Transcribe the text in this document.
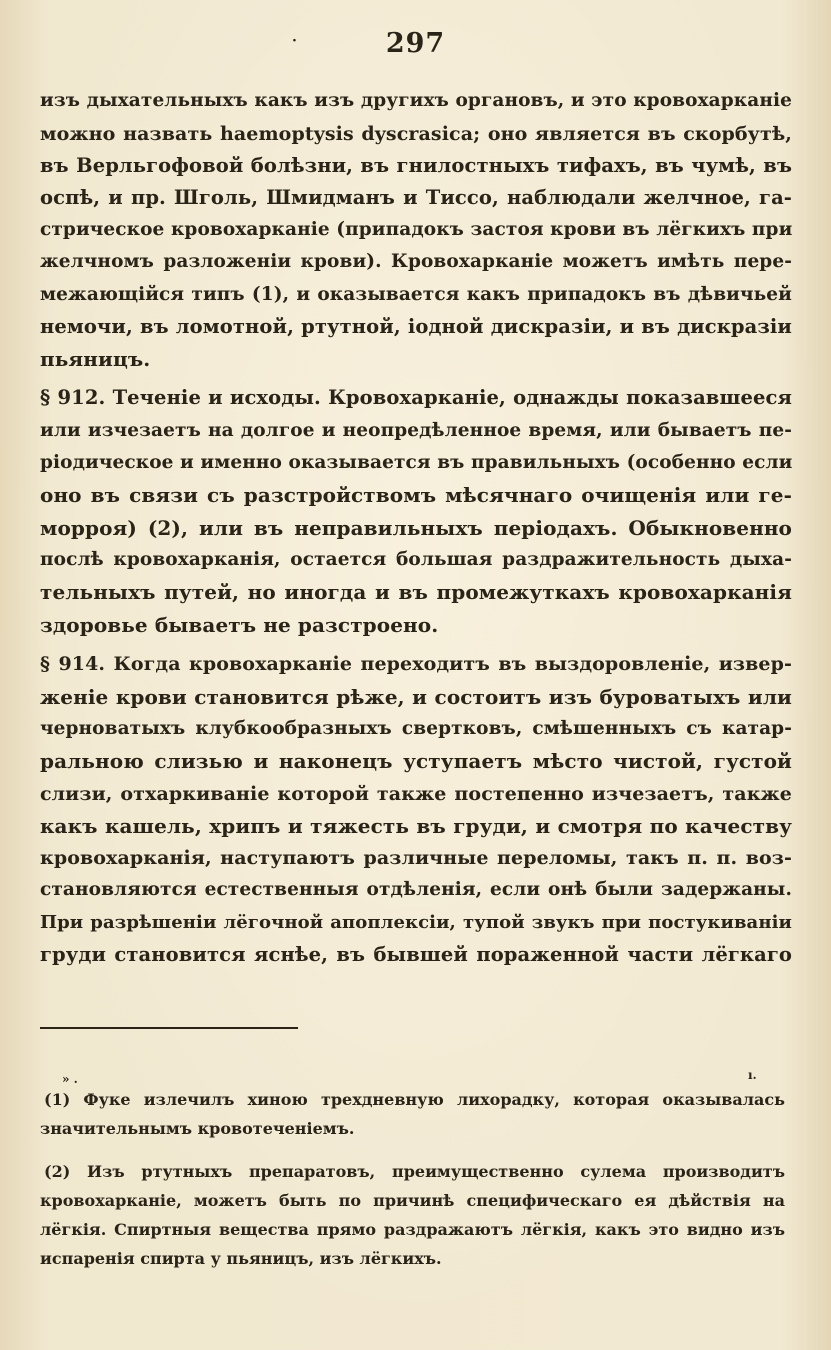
·	297

изъ дыхательныхъ какъ изъ другихъ органовъ, и это кровохарканіе

можно назвать haemoptysis dyscrasica; оно является въ скорбутѣ,

въ Верльгофовой болѣзни, въ гнилостныхъ тифахъ, въ чумѣ, въ

оспѣ, и пр. Шголь, Шмидманъ и Тиссо, наблюдали желчное, га-

стрическое кровохарканіе (припадокъ застоя крови въ лёгкихъ при

желчномъ разложеніи крови). Кровохарканіе можетъ имѣть пере-

межающійся типъ (1), и оказывается какъ припадокъ въ дѣвичьей

немочи, въ ломотной, ртутной, іодной дискразіи, и въ дискразіи

пьяницъ.

§ 912. Теченіе и исходы. Кровохарканіе, однажды показавшееся

или изчезаетъ на долгое и неопредѣленное время, или бываетъ пе-

ріодическое и именно оказывается въ правильныхъ (особенно если

оно въ связи съ разстройствомъ мѣсячнаго очищенія или ге-

морроя) (2), или въ неправильныхъ періодахъ. Обыкновенно

послѣ кровохарканія, остается большая раздражительность дыха-

тельныхъ путей, но иногда и въ промежуткахъ кровохарканія

здоровье бываетъ не разстроено.

§ 914. Когда кровохарканіе переходитъ въ выздоровленіе, извер-

женіе крови становится рѣже, и состоитъ изъ буроватыхъ или

черноватыхъ клубкообразныхъ свертковъ, смѣшенныхъ съ катар-

ральною слизью и наконецъ уступаетъ мѣсто чистой, густой

слизи, отхаркиваніе которой также постепенно изчезаетъ, также

какъ кашель, хрипъ и тяжесть въ груди, и смотря по качеству

кровохарканія, наступаютъ различные переломы, такъ п. п. воз-

становляются естественныя отдѣленія, если онѣ были задержаны.

При разрѣшеніи лёгочной апоплексіи, тупой звукъ при постукиваніи

груди становится яснѣе, въ бывшей пораженной части лёгкаго

» .	ı.

(1) Фуке излечилъ хиною трехдневную лихорадку, которая оказывалась

значительнымъ кровотеченіемъ.

(2) Изъ ртутныхъ препаратовъ, преимущественно сулема производитъ

кровохарканіе, можетъ быть по причинѣ специфическаго ея дѣйствія на

лёгкія. Спиртныя вещества прямо раздражаютъ лёгкія, какъ это видно изъ

испаренія спирта у пьяницъ, изъ лёгкихъ.
